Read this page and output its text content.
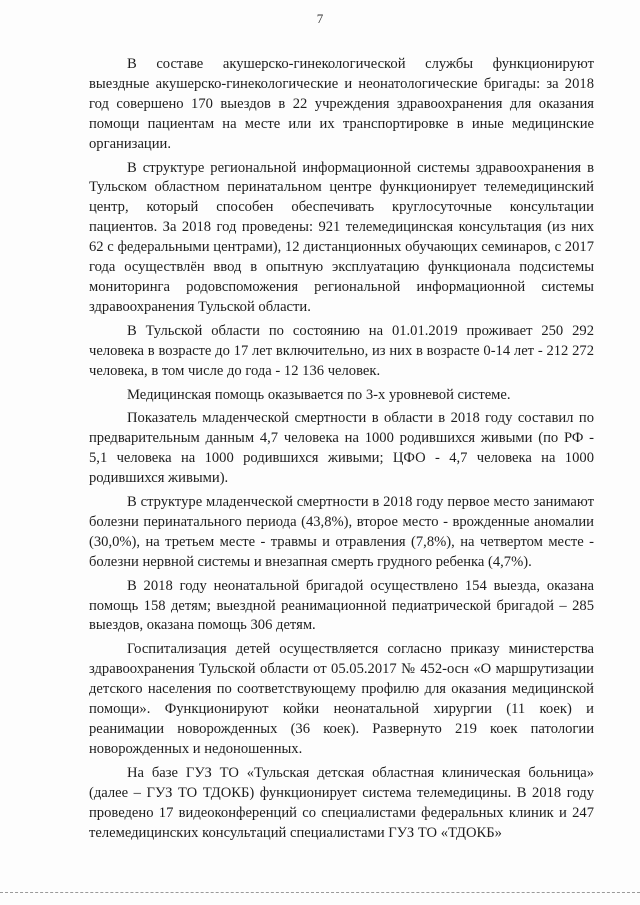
7

В составе акушерско-гинекологической службы функционируют выездные акушерско-гинекологические и неонатологические бригады: за 2018 год совершено 170 выездов в 22 учреждения здравоохранения для оказания помощи пациентам на месте или их транспортировке в иные медицинские организации.

В структуре региональной информационной системы здравоохранения в Тульском областном перинатальном центре функционирует телемедицинский центр, который способен обеспечивать круглосуточные консультации пациентов. За 2018 год проведены: 921 телемедицинская консультация (из них 62 с федеральными центрами), 12 дистанционных обучающих семинаров, с 2017 года осуществлён ввод в опытную эксплуатацию функционала подсистемы мониторинга родовспоможения региональной информационной системы здравоохранения Тульской области.

В Тульской области по состоянию на 01.01.2019 проживает 250 292 человека в возрасте до 17 лет включительно, из них в возрасте 0-14 лет - 212 272 человека, в том числе до года - 12 136 человек.

Медицинская помощь оказывается по 3-х уровневой системе.

Показатель младенческой смертности в области в 2018 году составил по предварительным данным 4,7 человека на 1000 родившихся живыми (по РФ - 5,1 человека на 1000 родившихся живыми; ЦФО - 4,7 человека на 1000 родившихся живыми).

В структуре младенческой смертности в 2018 году первое место занимают болезни перинатального периода (43,8%), второе место - врожденные аномалии (30,0%), на третьем месте - травмы и отравления (7,8%), на четвертом месте - болезни нервной системы и внезапная смерть грудного ребенка (4,7%).

В 2018 году неонатальной бригадой осуществлено 154 выезда, оказана помощь 158 детям; выездной реанимационной педиатрической бригадой – 285 выездов, оказана помощь 306 детям.

Госпитализация детей осуществляется согласно приказу министерства здравоохранения Тульской области от 05.05.2017 № 452-осн «О маршрутизации детского населения по соответствующему профилю для оказания медицинской помощи». Функционируют койки неонатальной хирургии (11 коек) и реанимации новорожденных (36 коек). Развернуто 219 коек патологии новорожденных и недоношенных.

На базе ГУЗ ТО «Тульская детская областная клиническая больница» (далее – ГУЗ ТО ТДОКБ) функционирует система телемедицины. В 2018 году проведено 17 видеоконференций со специалистами федеральных клиник и 247 телемедицинских консультаций специалистами ГУЗ ТО «ТДОКБ»
